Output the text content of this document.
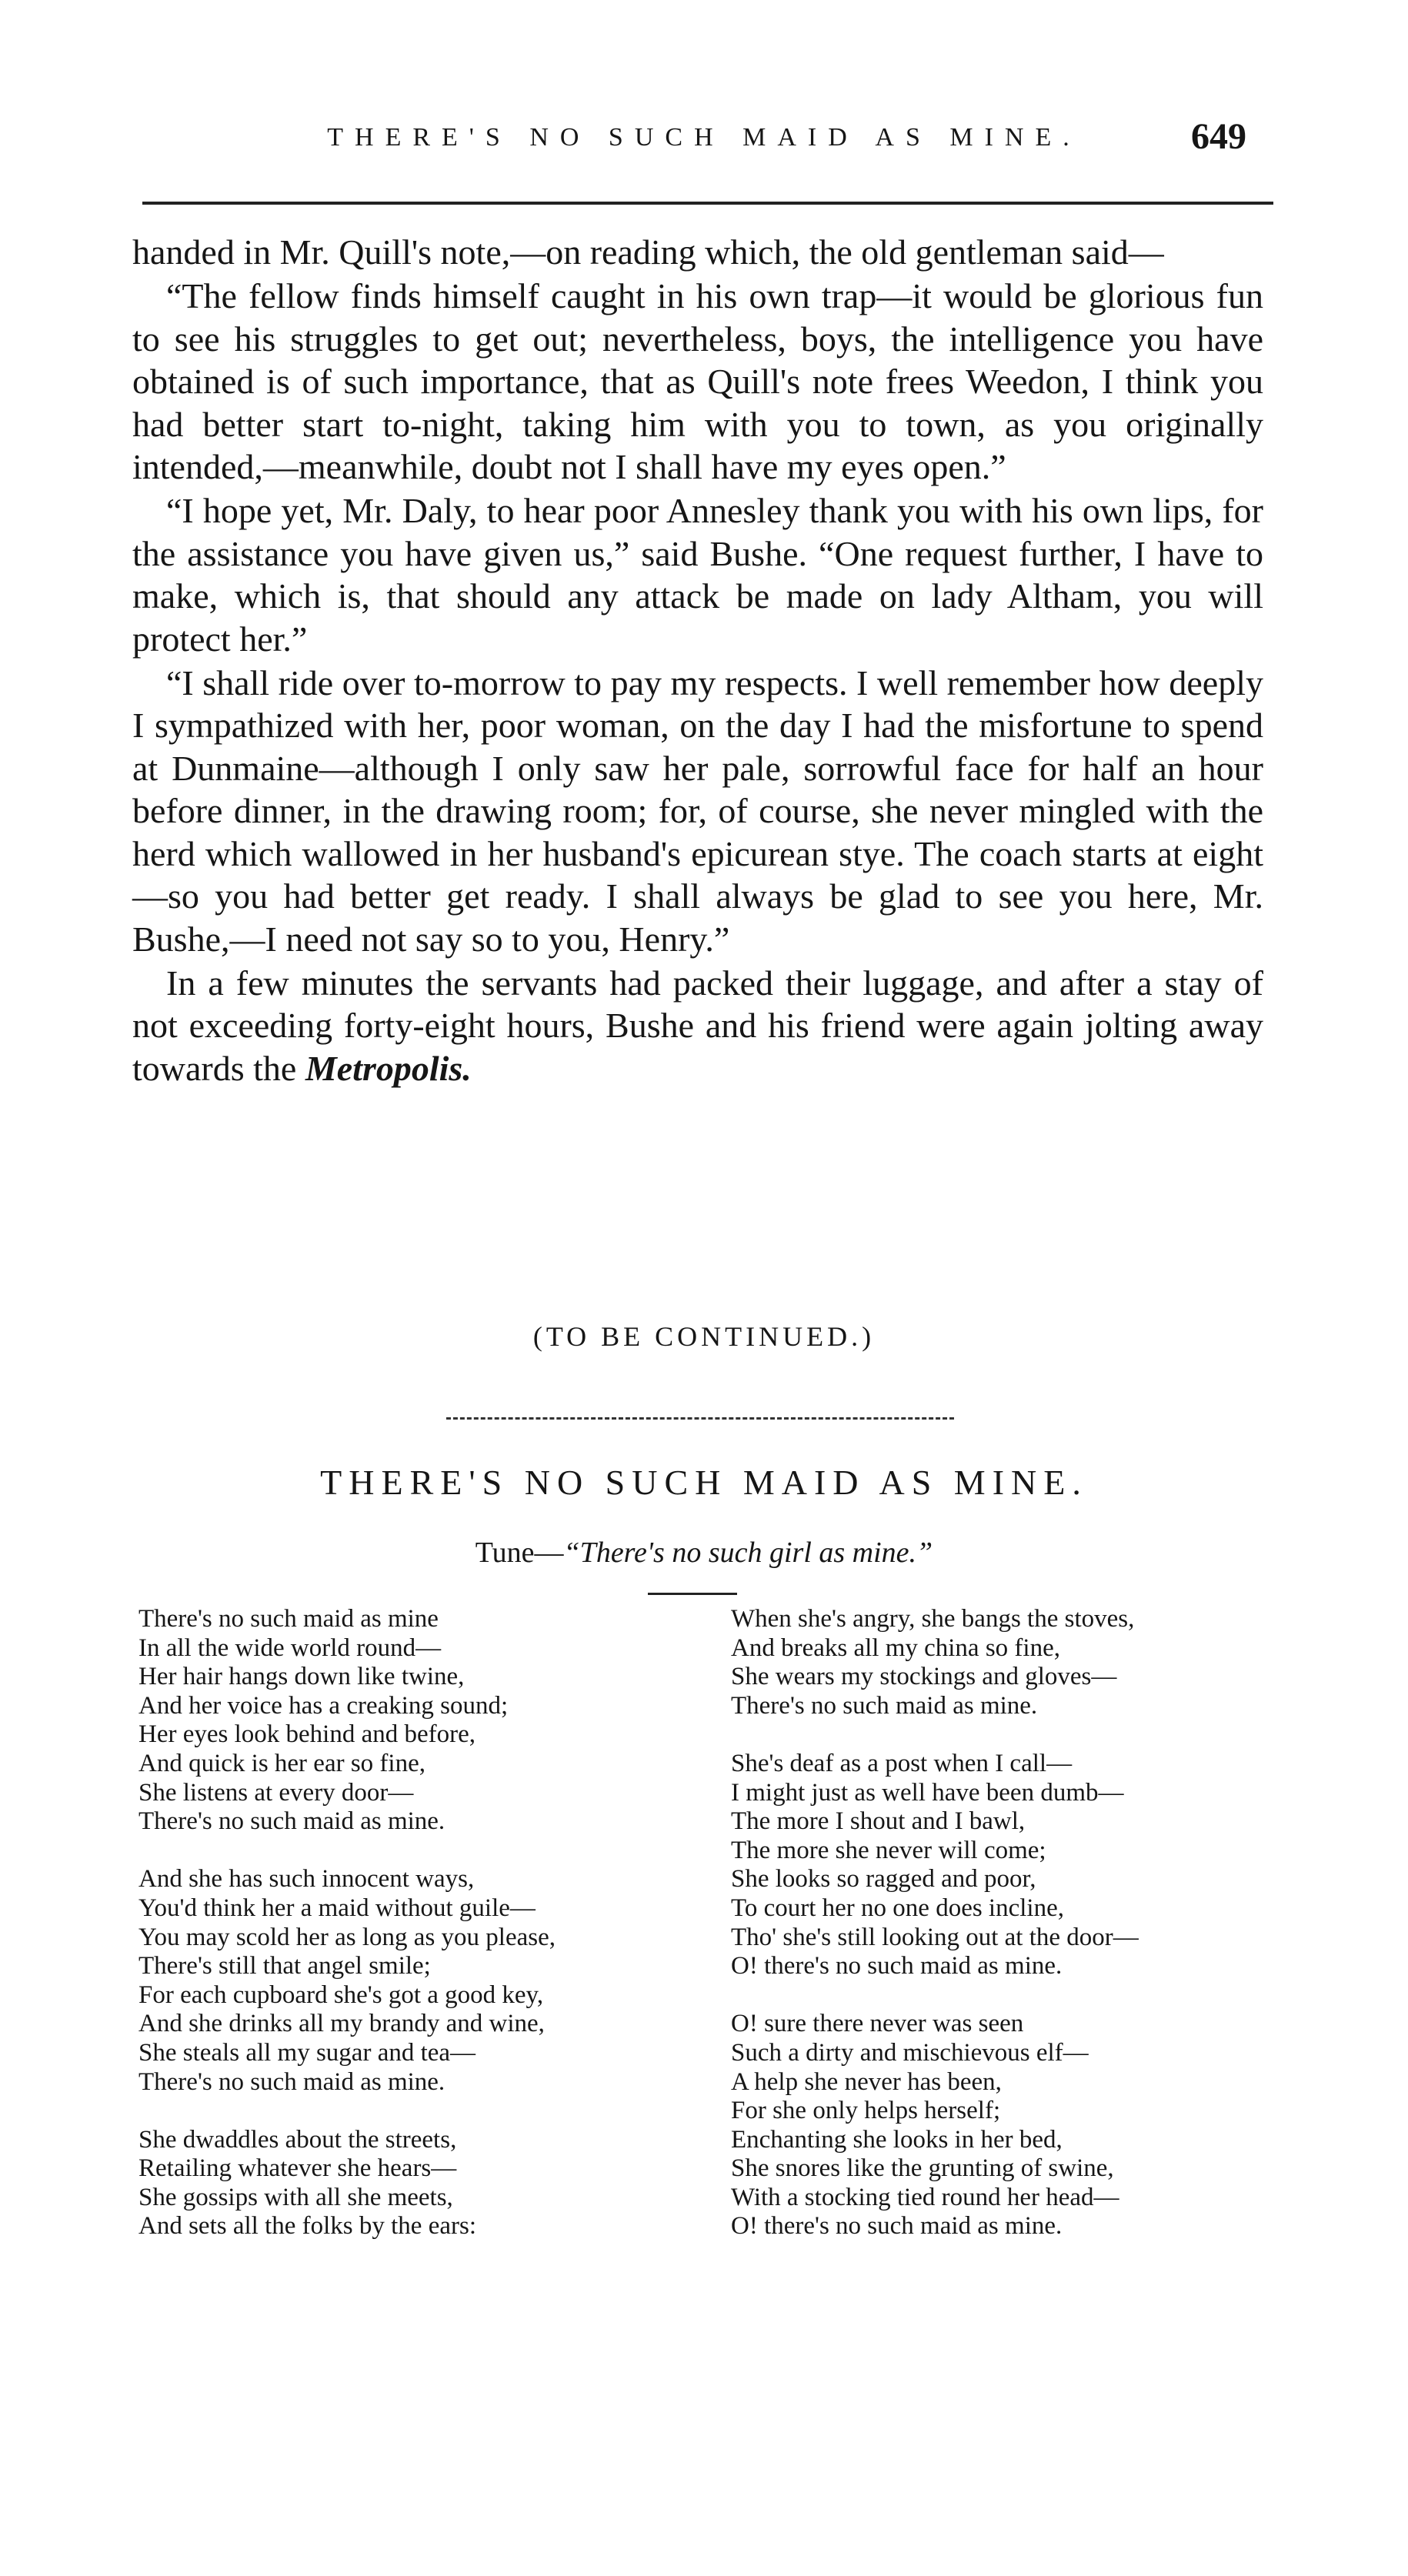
THERE'S NO SUCH MAID AS MINE.	649

handed in Mr. Quill's note,—on reading which, the old gentleman said—

“The fellow finds himself caught in his own trap—it would be glorious fun to see his struggles to get out; nevertheless, boys, the intelligence you have obtained is of such importance, that as Quill's note frees Weedon, I think you had better start to-night, taking him with you to town, as you originally intended,—meanwhile, doubt not I shall have my eyes open.”

“I hope yet, Mr. Daly, to hear poor Annesley thank you with his own lips, for the assistance you have given us,” said Bushe. “One request further, I have to make, which is, that should any attack be made on lady Altham, you will protect her.”

“I shall ride over to-morrow to pay my respects. I well remember how deeply I sympathized with her, poor woman, on the day I had the misfortune to spend at Dunmaine—although I only saw her pale, sorrowful face for half an hour before dinner, in the drawing room; for, of course, she never mingled with the herd which wallowed in her husband's epicurean stye. The coach starts at eight—so you had better get ready. I shall always be glad to see you here, Mr. Bushe,—I need not say so to you, Henry.”

In a few minutes the servants had packed their luggage, and after a stay of not exceeding forty-eight hours, Bushe and his friend were again jolting away towards the Metropolis.

(TO BE CONTINUED.)
THERE'S NO SUCH MAID AS MINE.
Tune—“There's no such girl as mine.”
There's no such maid as mine
In all the wide world round—
Her hair hangs down like twine,
And her voice has a creaking sound;
Her eyes look behind and before,
And quick is her ear so fine,
She listens at every door—
There's no such maid as mine.
And she has such innocent ways,
You'd think her a maid without guile—
You may scold her as long as you please,
There's still that angel smile;
For each cupboard she's got a good key,
And she drinks all my brandy and wine,
She steals all my sugar and tea—
There's no such maid as mine.
She dwaddles about the streets,
Retailing whatever she hears—
She gossips with all she meets,
And sets all the folks by the ears:
When she's angry, she bangs the stoves,
And breaks all my china so fine,
She wears my stockings and gloves—
There's no such maid as mine.
She's deaf as a post when I call—
I might just as well have been dumb—
The more I shout and I bawl,
The more she never will come;
She looks so ragged and poor,
To court her no one does incline,
Tho' she's still looking out at the door—
O! there's no such maid as mine.
O! sure there never was seen
Such a dirty and mischievous elf—
A help she never has been,
For she only helps herself;
Enchanting she looks in her bed,
She snores like the grunting of swine,
With a stocking tied round her head—
O! there's no such maid as mine.
